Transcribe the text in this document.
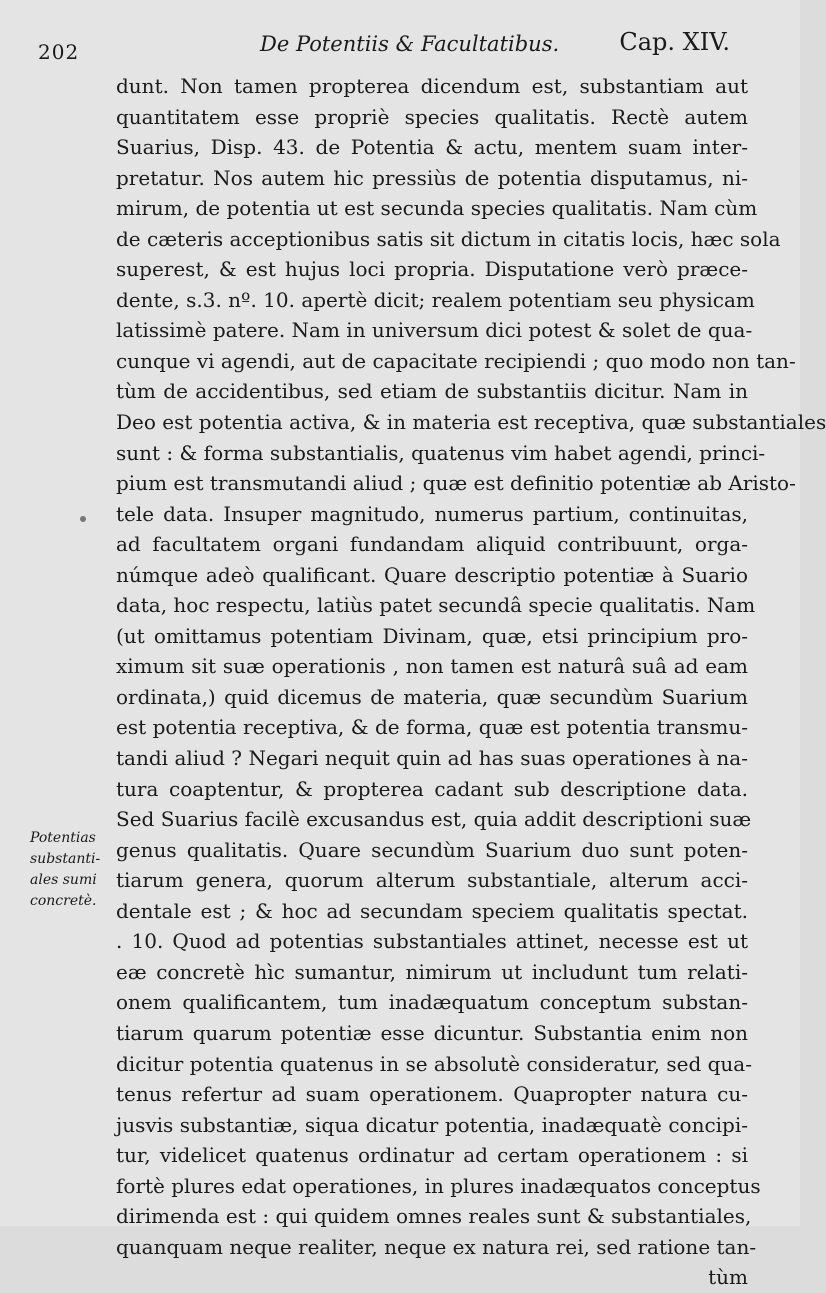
202	De Potentiis & Facultatibus.	Cap. XIV.
Potentias
substanti-
ales sumi
concretè.
dunt. Non tamen propterea dicendum est, substantiam aut
quantitatem esse propriè species qualitatis. Rectè autem
Suarius, Disp. 43. de Potentia & actu, mentem suam inter-
pretatur. Nos autem hic pressiùs de potentia disputamus, ni-
mirum, de potentia ut est secunda species qualitatis. Nam cùm
de cæteris acceptionibus satis sit dictum in citatis locis, hæc sola
superest, & est hujus loci propria. Disputatione verò præce-
dente, s.3. nº. 10. apertè dicit; realem potentiam seu physicam
latissimè patere. Nam in universum dici potest & solet de qua-
cunque vi agendi, aut de capacitate recipiendi ; quo modo non tan-
tùm de accidentibus, sed etiam de substantiis dicitur. Nam in
Deo est potentia activa, & in materia est receptiva, quæ substantiales
sunt : & forma substantialis, quatenus vim habet agendi, princi-
pium est transmutandi aliud ; quæ est definitio potentiæ ab Aristo-
tele data. Insuper magnitudo, numerus partium, continuitas,
ad facultatem organi fundandam aliquid contribuunt, orga-
númque adeò qualificant. Quare descriptio potentiæ à Suario
data, hoc respectu, latiùs patet secundâ specie qualitatis. Nam
(ut omittamus potentiam Divinam, quæ, etsi principium pro-
ximum sit suæ operationis , non tamen est naturâ suâ ad eam
ordinata,) quid dicemus de materia, quæ secundùm Suarium
est potentia receptiva, & de forma, quæ est potentia transmu-
tandi aliud ? Negari nequit quin ad has suas operationes à na-
tura coaptentur, & propterea cadant sub descriptione data.
Sed Suarius facilè excusandus est, quia addit descriptioni suæ
genus qualitatis. Quare secundùm Suarium duo sunt poten-
tiarum genera, quorum alterum substantiale, alterum acci-
dentale est ; & hoc ad secundam speciem qualitatis spectat.
. 10. Quod ad potentias substantiales attinet, necesse est ut
eæ concretè hìc sumantur, nimirum ut includunt tum relati-
onem qualificantem, tum inadæquatum conceptum substan-
tiarum quarum potentiæ esse dicuntur. Substantia enim non
dicitur potentia quatenus in se absolutè consideratur, sed qua-
tenus refertur ad suam operationem. Quapropter natura cu-
jusvis substantiæ, siqua dicatur potentia, inadæquatè concipi-
tur, videlicet quatenus ordinatur ad certam operationem : si
fortè plures edat operationes, in plures inadæquatos conceptus
dirimenda est : qui quidem omnes reales sunt & substantiales,
quanquam neque realiter, neque ex natura rei, sed ratione tan-
tùm
